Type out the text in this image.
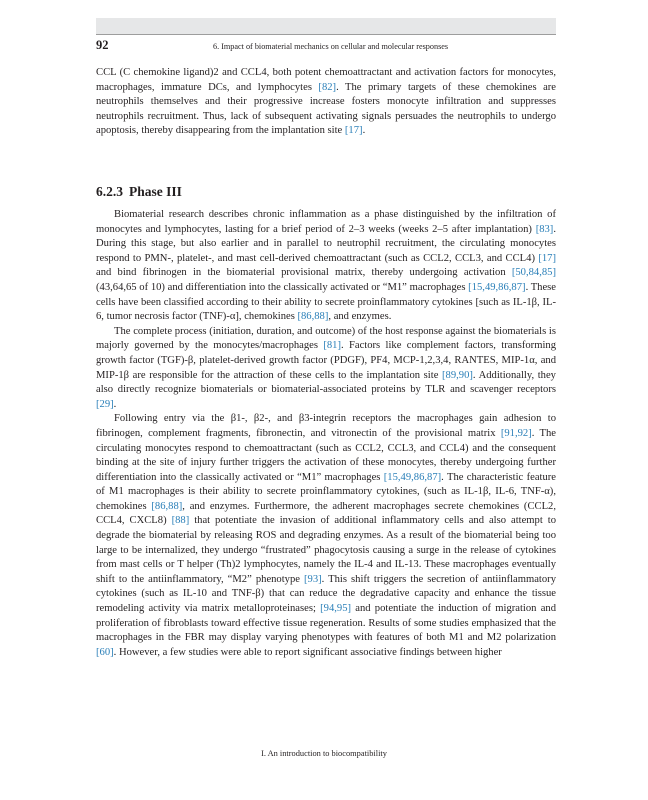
92	6. Impact of biomaterial mechanics on cellular and molecular responses

CCL (C chemokine ligand)2 and CCL4, both potent chemoattractant and activation factors for monocytes, macrophages, immature DCs, and lymphocytes [82]. The primary targets of these chemokines are neutrophils themselves and their progressive increase fosters monocyte infiltration and suppresses neutrophils recruitment. Thus, lack of subsequent activating signals persuades the neutrophils to undergo apoptosis, thereby disappearing from the implantation site [17].

6.2.3 Phase III

Biomaterial research describes chronic inflammation as a phase distinguished by the infiltration of monocytes and lymphocytes, lasting for a brief period of 2–3 weeks (weeks 2–5 after implantation) [83]. During this stage, but also earlier and in parallel to neutrophil recruitment, the circulating monocytes respond to PMN-, platelet-, and mast cell-derived chemoattractant (such as CCL2, CCL3, and CCL4) [17] and bind fibrinogen in the biomaterial provisional matrix, thereby undergoing activation [50,84,85] (43,64,65 of 10) and differentiation into the classically activated or “M1” macrophages [15,49,86,87]. These cells have been classified according to their ability to secrete proinflammatory cytokines [such as IL-1β, IL-6, tumor necrosis factor (TNF)-α], chemokines [86,88], and enzymes.

The complete process (initiation, duration, and outcome) of the host response against the biomaterials is majorly governed by the monocytes/macrophages [81]. Factors like complement factors, transforming growth factor (TGF)-β, platelet-derived growth factor (PDGF), PF4, MCP-1,2,3,4, RANTES, MIP-1α, and MIP-1β are responsible for the attraction of these cells to the implantation site [89,90]. Additionally, they also directly recognize biomaterials or biomaterial-associated proteins by TLR and scavenger receptors [29].

Following entry via the β1-, β2-, and β3-integrin receptors the macrophages gain adhesion to fibrinogen, complement fragments, fibronectin, and vitronectin of the provisional matrix [91,92]. The circulating monocytes respond to chemoattractant (such as CCL2, CCL3, and CCL4) and the consequent binding at the site of injury further triggers the activation of these monocytes, thereby undergoing further differentiation into the classically activated or “M1” macrophages [15,49,86,87]. The characteristic feature of M1 macrophages is their ability to secrete proinflammatory cytokines, (such as IL-1β, IL-6, TNF-α), chemokines [86,88], and enzymes. Furthermore, the adherent macrophages secrete chemokines (CCL2, CCL4, CXCL8) [88] that potentiate the invasion of additional inflammatory cells and also attempt to degrade the biomaterial by releasing ROS and degrading enzymes. As a result of the biomaterial being too large to be internalized, they undergo “frustrated” phagocytosis causing a surge in the release of cytokines from mast cells or T helper (Th)2 lymphocytes, namely the IL-4 and IL-13. These macrophages eventually shift to the antiinflammatory, “M2” phenotype [93]. This shift triggers the secretion of antiinflammatory cytokines (such as IL-10 and TNF-β) that can reduce the degradative capacity and enhance the tissue remodeling activity via matrix metalloproteinases; [94,95] and potentiate the induction of migration and proliferation of fibroblasts toward effective tissue regeneration. Results of some studies emphasized that the macrophages in the FBR may display varying phenotypes with features of both M1 and M2 polarization [60]. However, a few studies were able to report significant associative findings between higher

I. An introduction to biocompatibility
